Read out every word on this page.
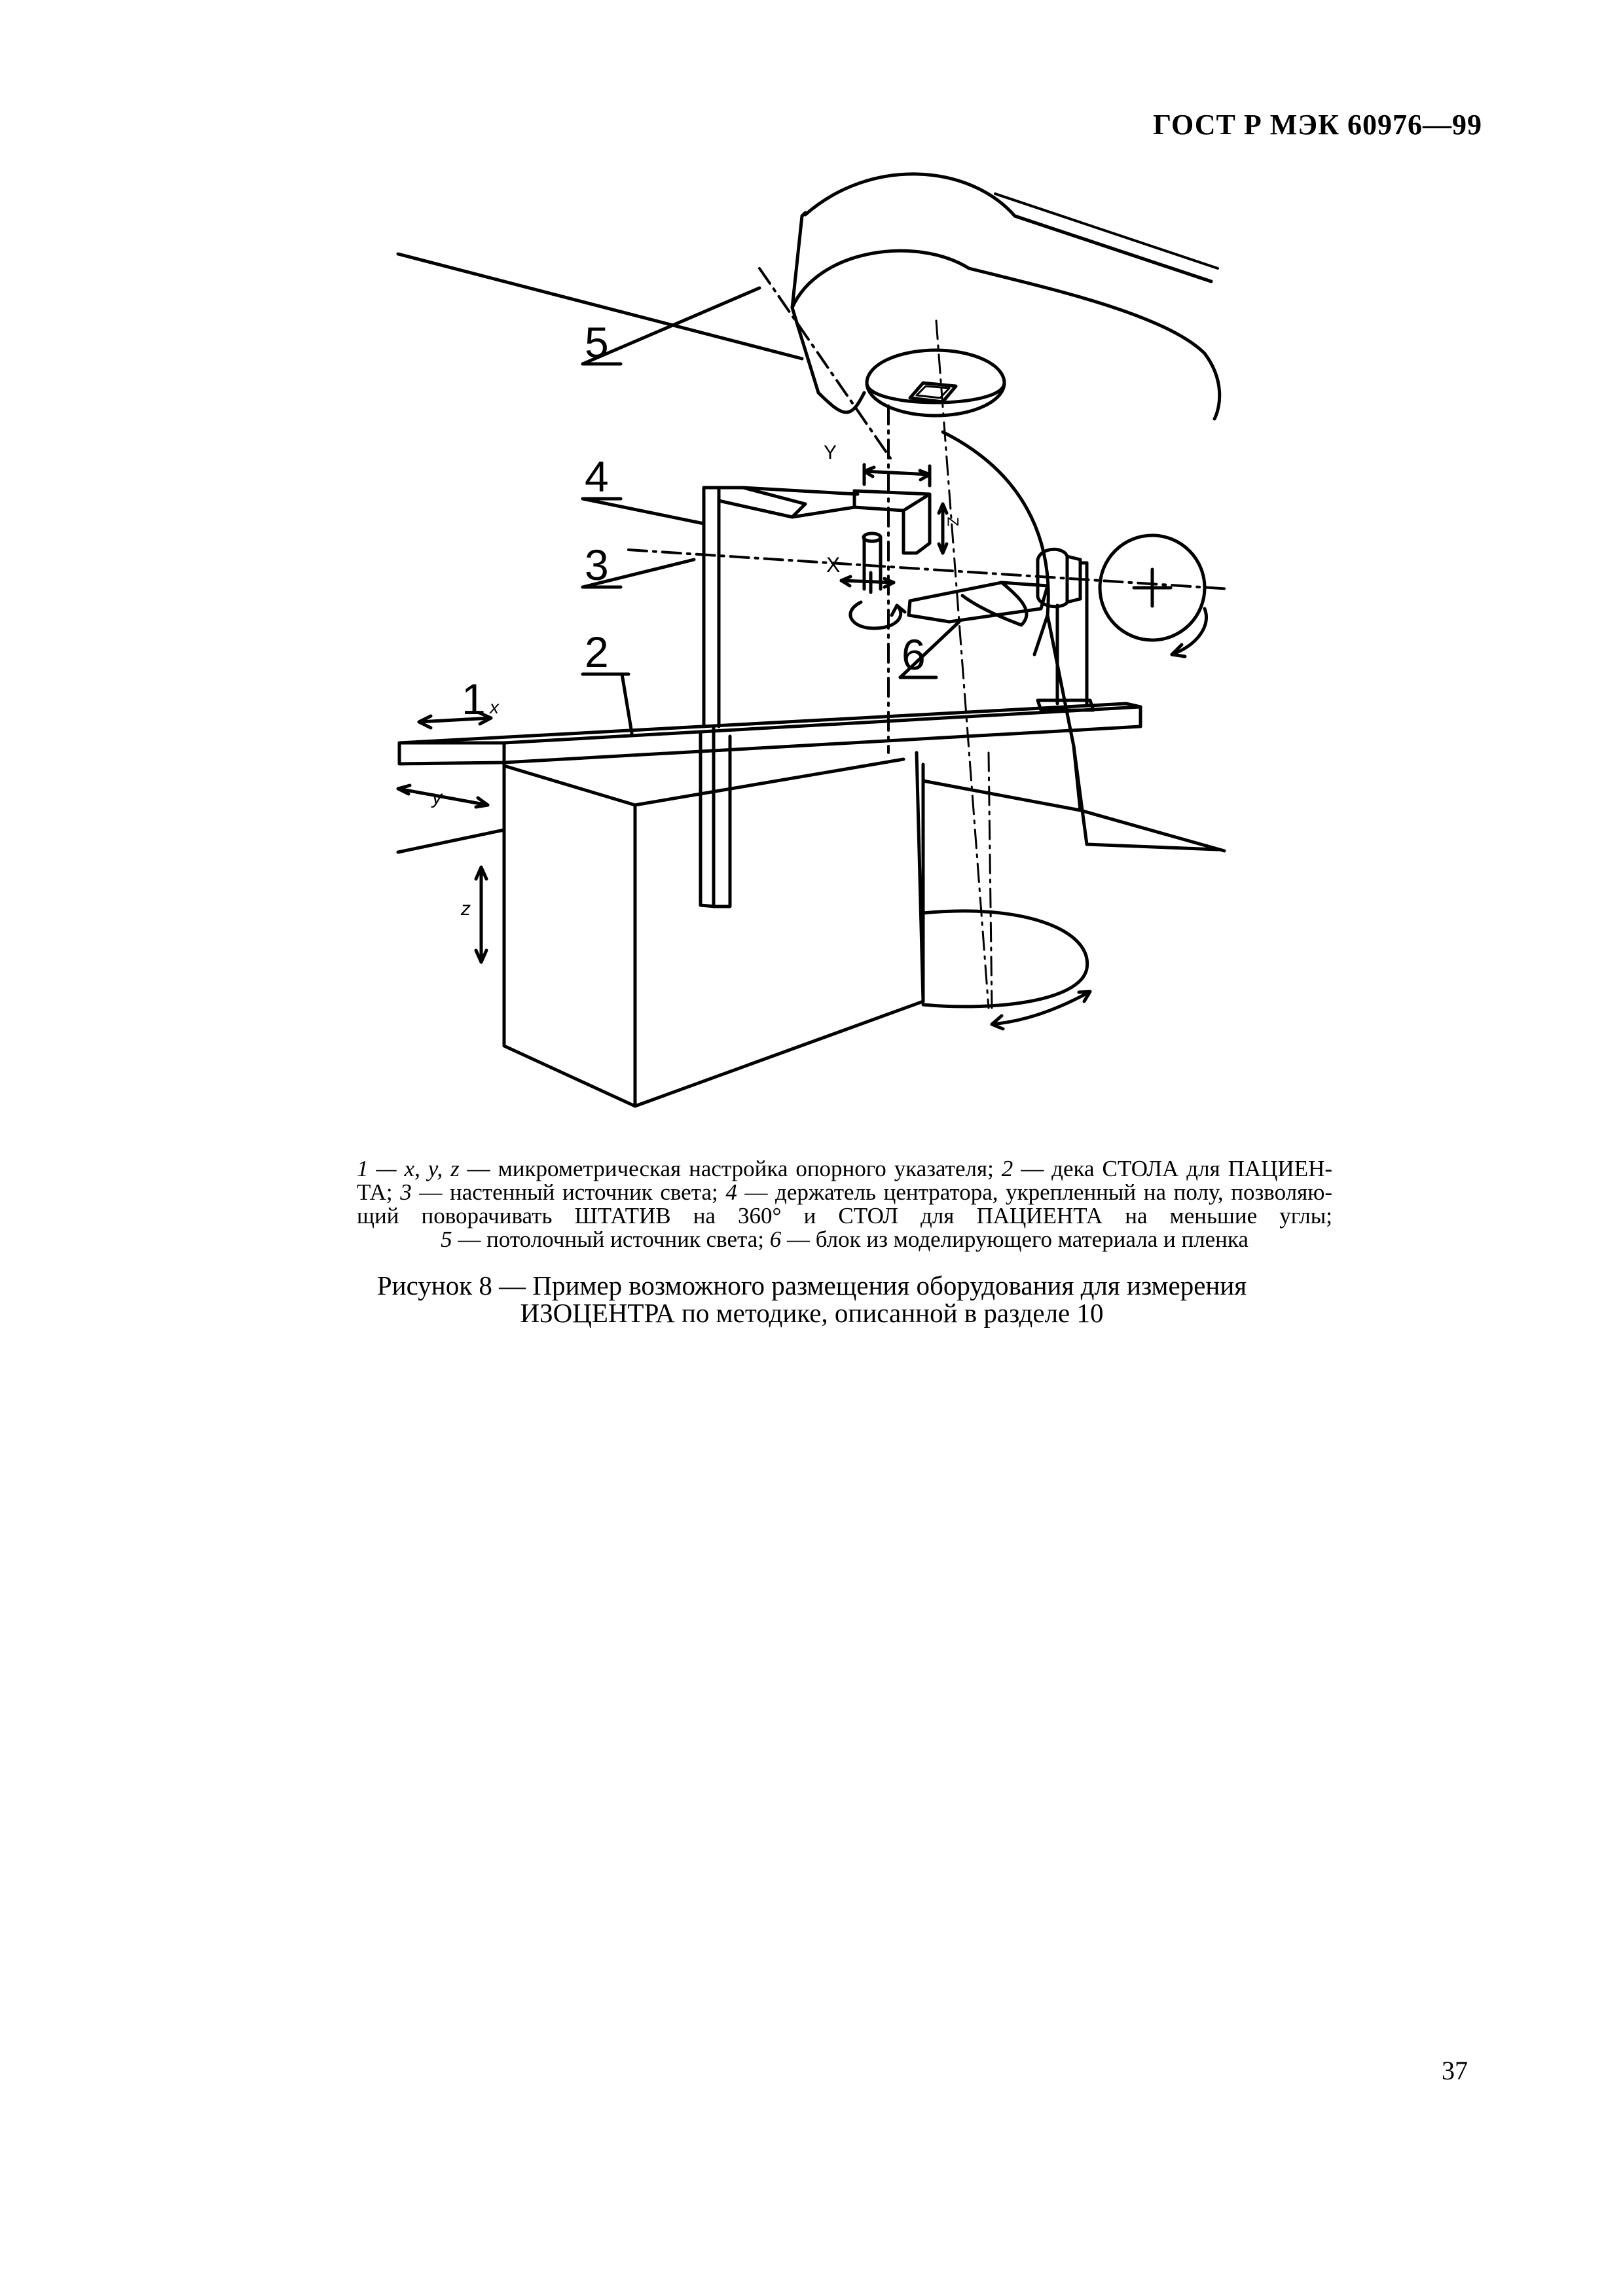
ГОСТ Р МЭК 60976—99
5
4
3
2	6
1 x
y
z
Y
X
Z
1 — x, y, z — микрометрическая настройка опорного указателя; 2 — дека СТОЛА для ПАЦИЕН-
ТА; 3 — настенный источник света; 4 — держатель центратора, укрепленный на полу, позволяю-
щий поворачивать ШТАТИВ на 360° и СТОЛ для ПАЦИЕНТА на меньшие углы;
5 — потолочный источник света; 6 — блок из моделирующего материала и пленка
Рисунок 8 — Пример возможного размещения оборудования для измерения
ИЗОЦЕНТРА по методике, описанной в разделе 10
37
